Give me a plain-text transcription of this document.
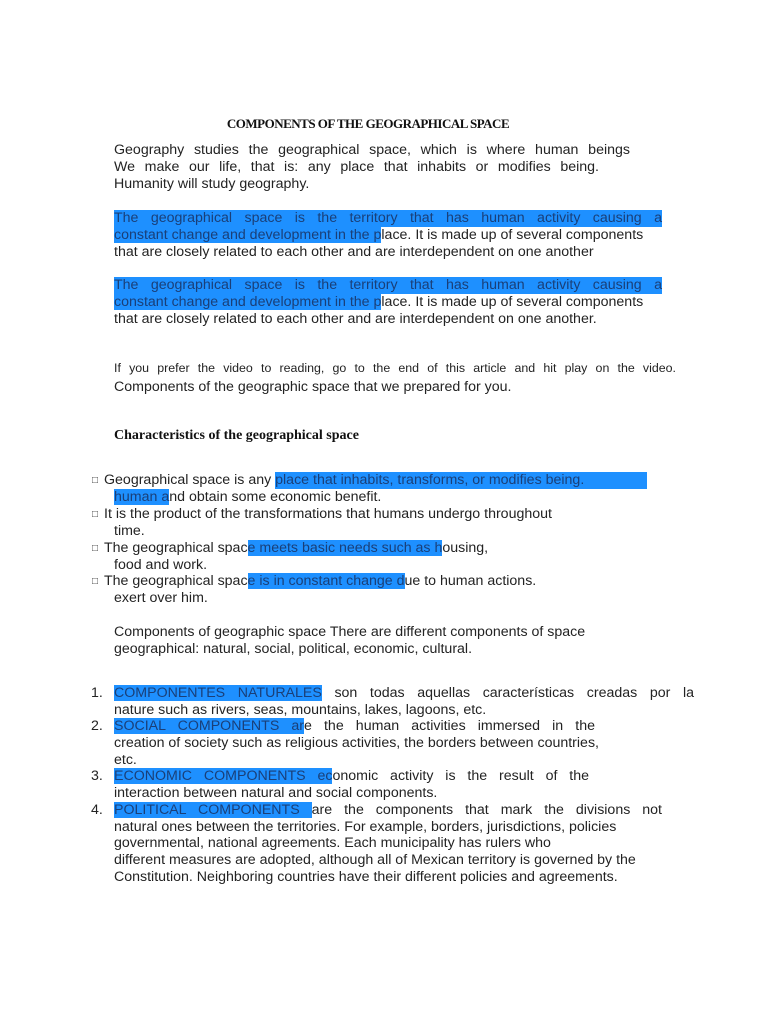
COMPONENTS OF THE GEOGRAPHICAL SPACE
Geography studies the geographical space, which is where human beings
We make our life, that is: any place that inhabits or modifies being.
Humanity will study geography.
The geographical space is the territory that has human activity causing a
constant change and development in the place. It is made up of several components
that are closely related to each other and are interdependent on one another
The geographical space is the territory that has human activity causing a
constant change and development in the place. It is made up of several components
that are closely related to each other and are interdependent on one another.
If you prefer the video to reading, go to the end of this article and hit play on the video.
Components of the geographic space that we prepared for you.
Characteristics of the geographical space
□ Geographical space is any place that inhabits, transforms, or modifies being.
human and obtain some economic benefit.
□ It is the product of the transformations that humans undergo throughout
time.
□ The geographical space meets basic needs such as housing,
food and work.
□ The geographical space is in constant change due to human actions.
exert over him.
Components of geographic space There are different components of space
geographical: natural, social, political, economic, cultural.
1. COMPONENTES NATURALES son todas aquellas características creadas por la
nature such as rivers, seas, mountains, lakes, lagoons, etc.
2. SOCIAL COMPONENTS are the human activities immersed in the
creation of society such as religious activities, the borders between countries,
etc.
3. ECONOMIC COMPONENTS economic activity is the result of the
interaction between natural and social components.
4. POLITICAL COMPONENTS are the components that mark the divisions not
natural ones between the territories. For example, borders, jurisdictions, policies
governmental, national agreements. Each municipality has rulers who
different measures are adopted, although all of Mexican territory is governed by the
Constitution. Neighboring countries have their different policies and agreements.
